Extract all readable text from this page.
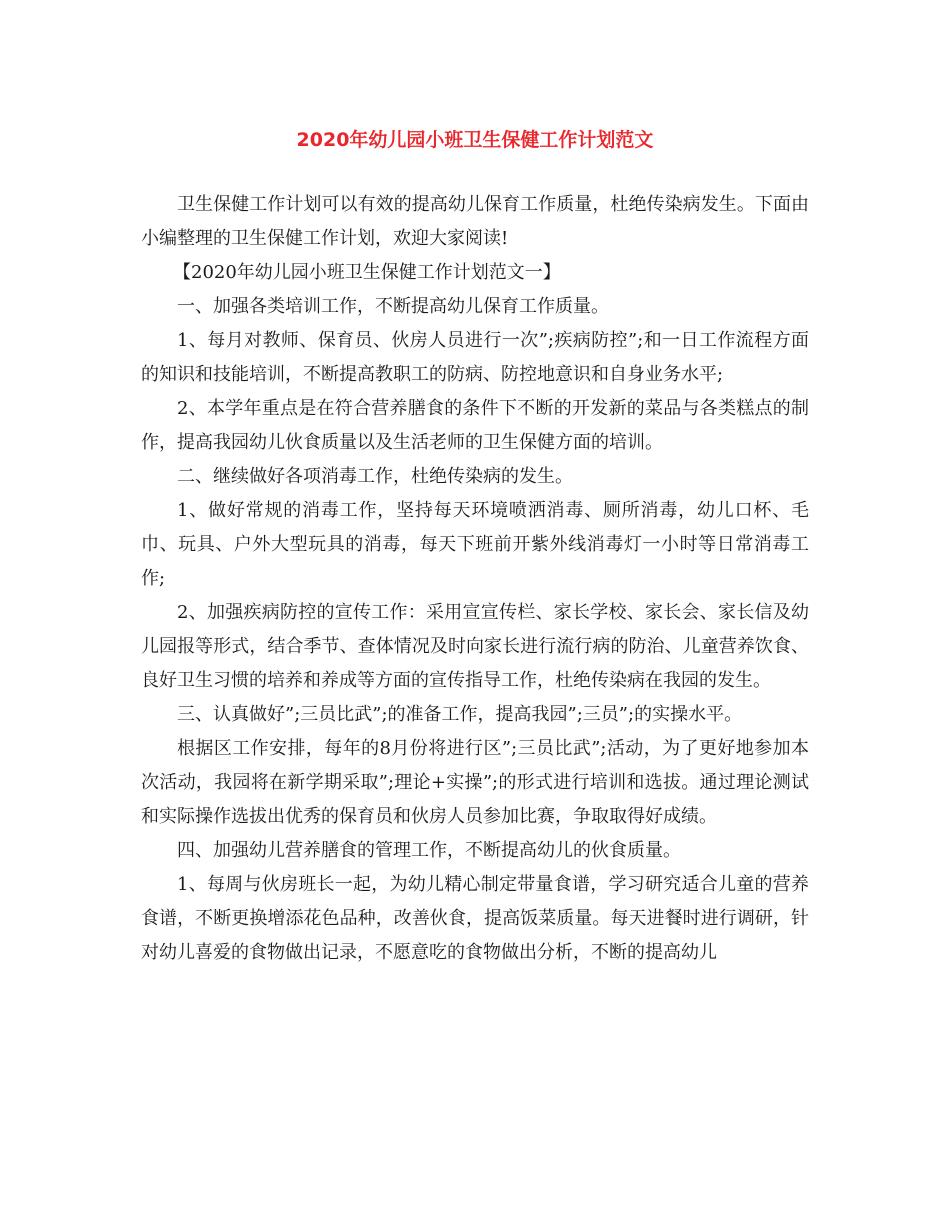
2020年幼儿园小班卫生保健工作计划范文

卫生保健工作计划可以有效的提高幼儿保育工作质量，杜绝传染病发生。下面由小编整理的卫生保健工作计划，欢迎大家阅读!

【2020年幼儿园小班卫生保健工作计划范文一】

一、加强各类培训工作，不断提高幼儿保育工作质量。

1、每月对教师、保育员、伙房人员进行一次”;疾病防控”;和一日工作流程方面的知识和技能培训，不断提高教职工的防病、防控地意识和自身业务水平;

2、本学年重点是在符合营养膳食的条件下不断的开发新的菜品与各类糕点的制作，提高我园幼儿伙食质量以及生活老师的卫生保健方面的培训。

二、继续做好各项消毒工作，杜绝传染病的发生。

1、做好常规的消毒工作，坚持每天环境喷洒消毒、厕所消毒，幼儿口杯、毛巾、玩具、户外大型玩具的消毒，每天下班前开紫外线消毒灯一小时等日常消毒工作;

2、加强疾病防控的宣传工作：采用宣宣传栏、家长学校、家长会、家长信及幼儿园报等形式，结合季节、查体情况及时向家长进行流行病的防治、儿童营养饮食、良好卫生习惯的培养和养成等方面的宣传指导工作，杜绝传染病在我园的发生。

三、认真做好”;三员比武”;的准备工作，提高我园”;三员”;的实操水平。

根据区工作安排，每年的8月份将进行区”;三员比武”;活动，为了更好地参加本次活动，我园将在新学期采取”;理论+实操”;的形式进行培训和选拔。通过理论测试和实际操作选拔出优秀的保育员和伙房人员参加比赛，争取取得好成绩。

四、加强幼儿营养膳食的管理工作，不断提高幼儿的伙食质量。

1、每周与伙房班长一起，为幼儿精心制定带量食谱，学习研究适合儿童的营养食谱，不断更换增添花色品种，改善伙食，提高饭菜质量。每天进餐时进行调研，针对幼儿喜爱的食物做出记录，不愿意吃的食物做出分析，不断的提高幼儿
